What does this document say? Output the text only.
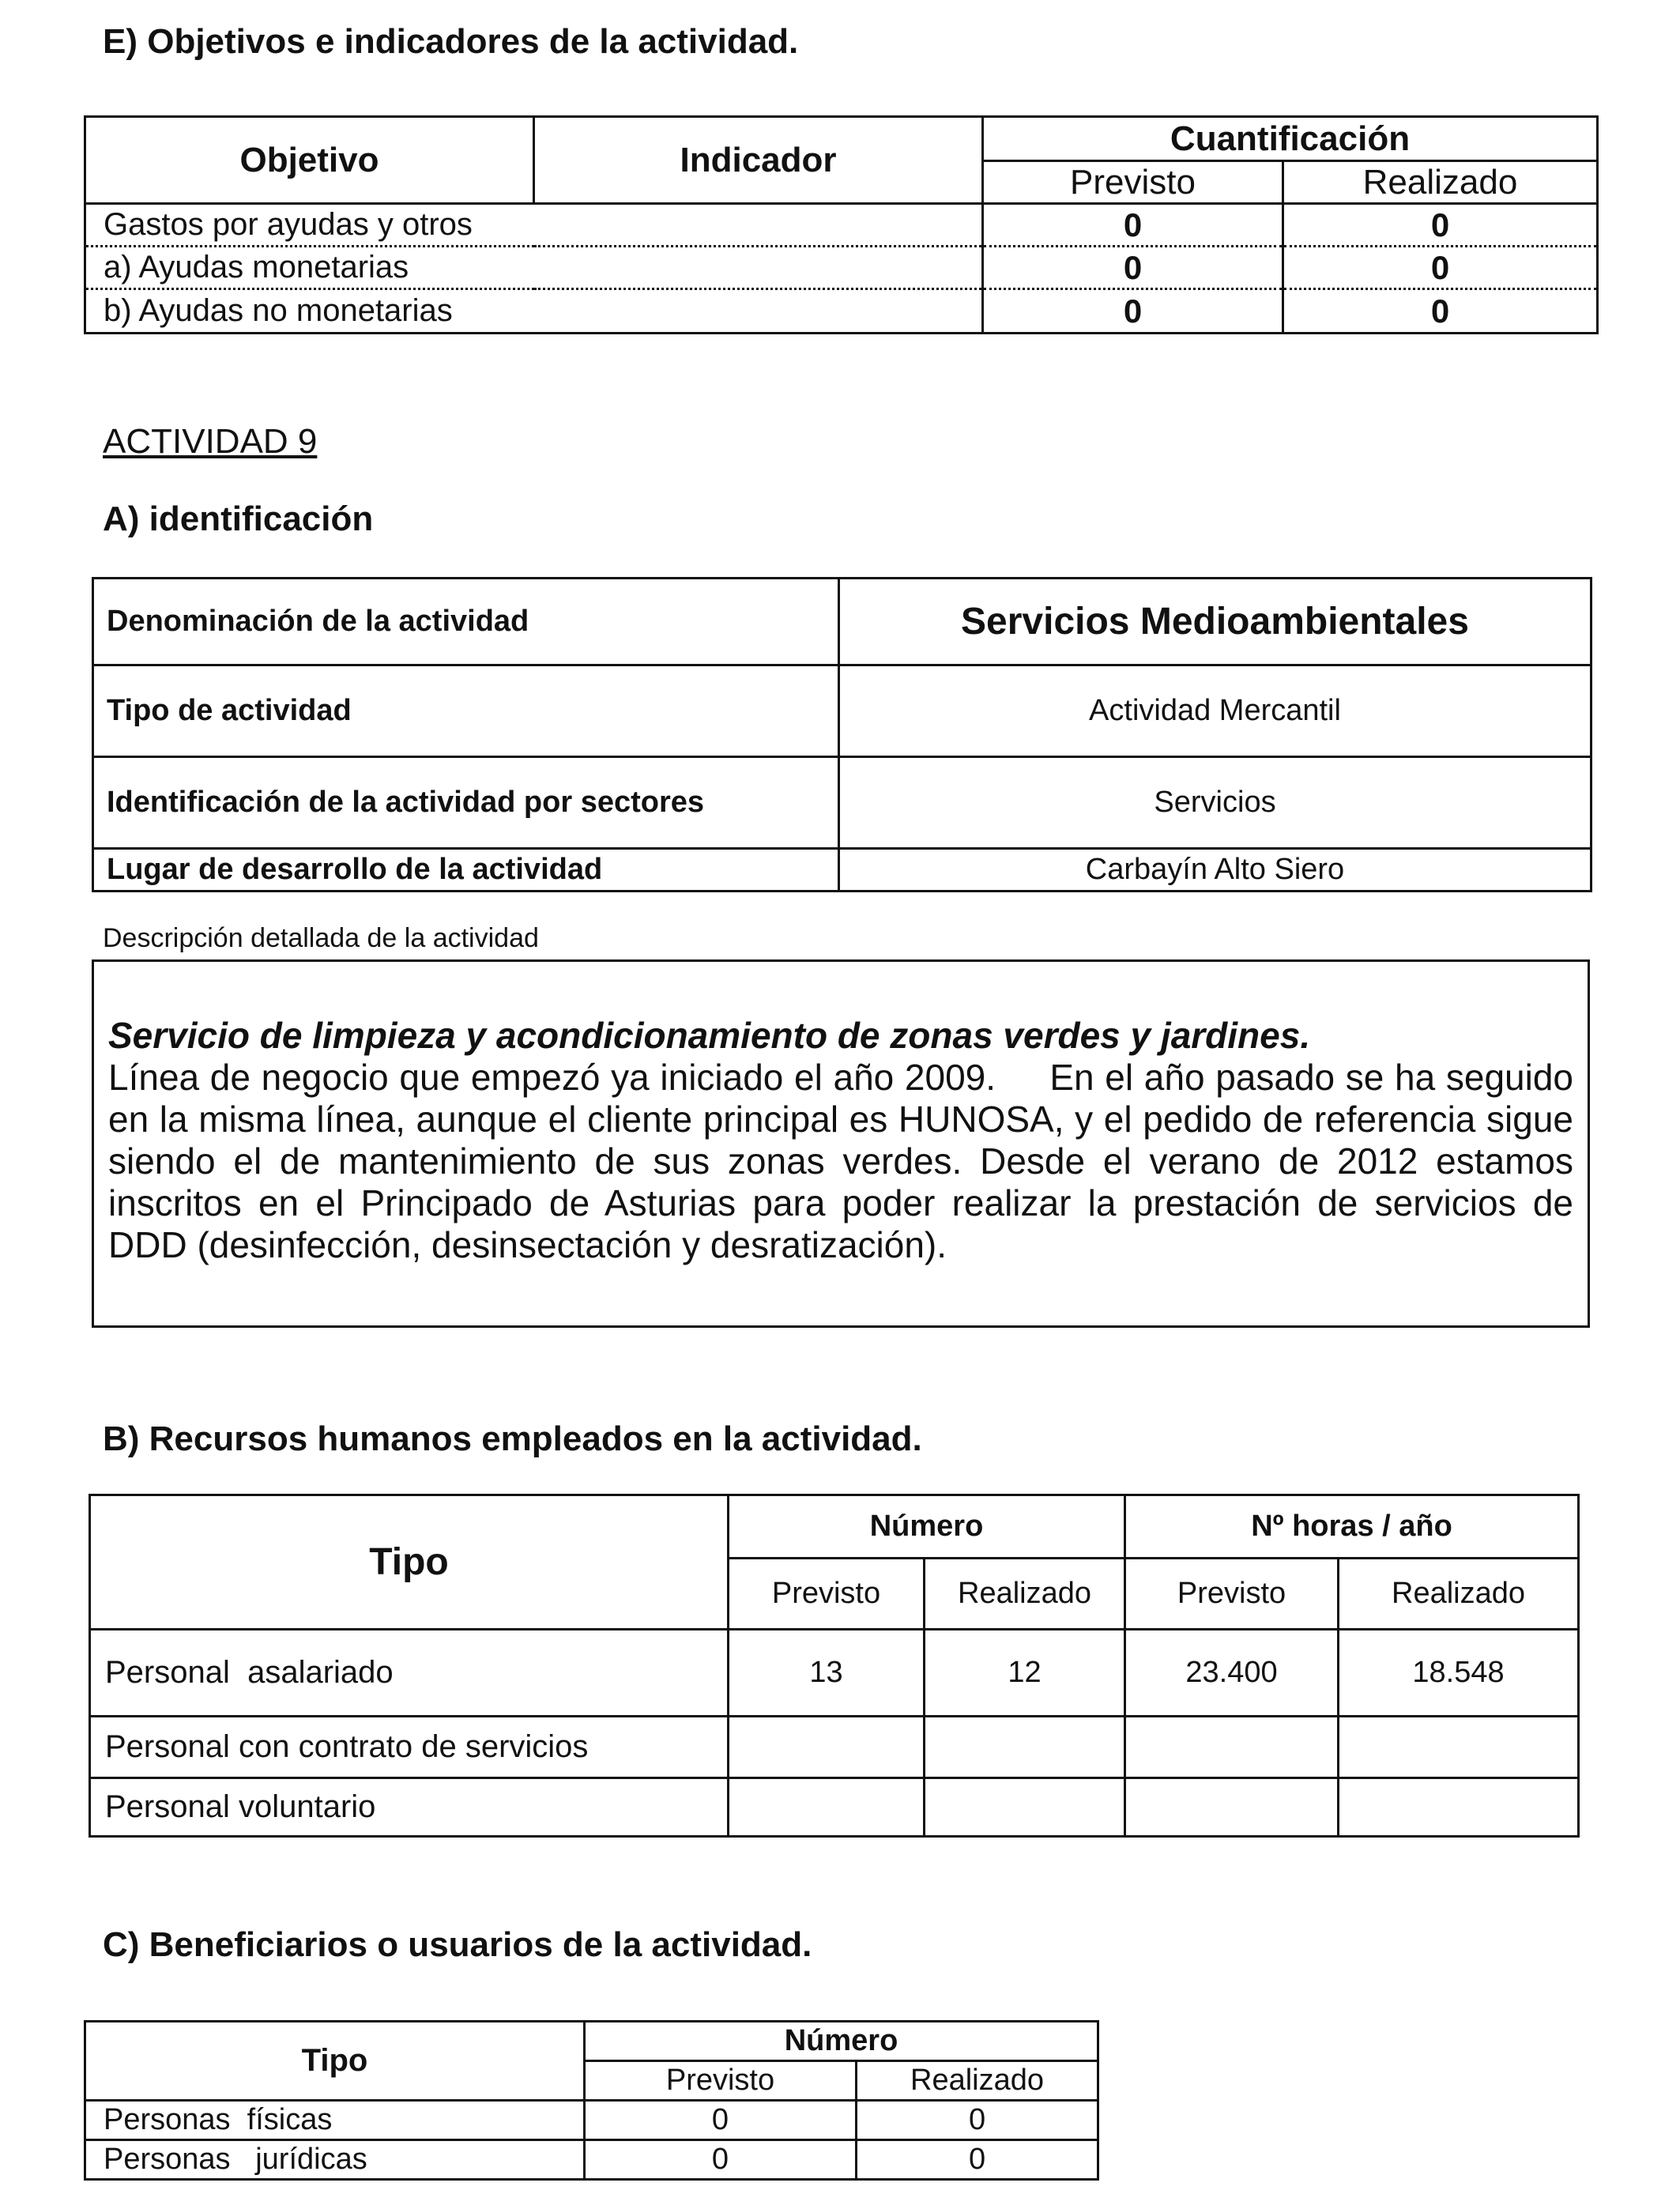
E) Objetivos e indicadores de la actividad.
Objetivo	Indicador	Cuantificación	
		Previsto	Realizado
Gastos por ayudas y otros		0	0
a) Ayudas monetarias		0	0
b) Ayudas no monetarias		0	0
ACTIVIDAD 9
A) identificación
Denominación de la actividad	Servicios Medioambientales
Tipo de actividad	Actividad Mercantil
Identificación de la actividad por sectores	Servicios
Lugar de desarrollo de la actividad	Carbayín Alto Siero
Descripción detallada de la actividad
Servicio de limpieza y acondicionamiento de zonas verdes y jardines.
Línea de negocio que empezó ya iniciado el año 2009.     En el año pasado se ha seguido en la misma línea, aunque el cliente principal es HUNOSA, y el pedido de referencia sigue siendo el de mantenimiento de sus zonas verdes. Desde el verano de 2012 estamos inscritos en el Principado de Asturias para poder realizar la prestación de servicios de DDD (desinfección, desinsectación y desratización).
B) Recursos humanos empleados en la actividad.
Tipo	Número		Nº horas / año	
	Previsto	Realizado	Previsto	Realizado
Personal  asalariado	13	12	23.400	18.548
Personal con contrato de servicios				
Personal voluntario				
C) Beneficiarios o usuarios de la actividad.
Tipo	Número	
	Previsto	Realizado
Personas  físicas	0	0
Personas   jurídicas	0	0
